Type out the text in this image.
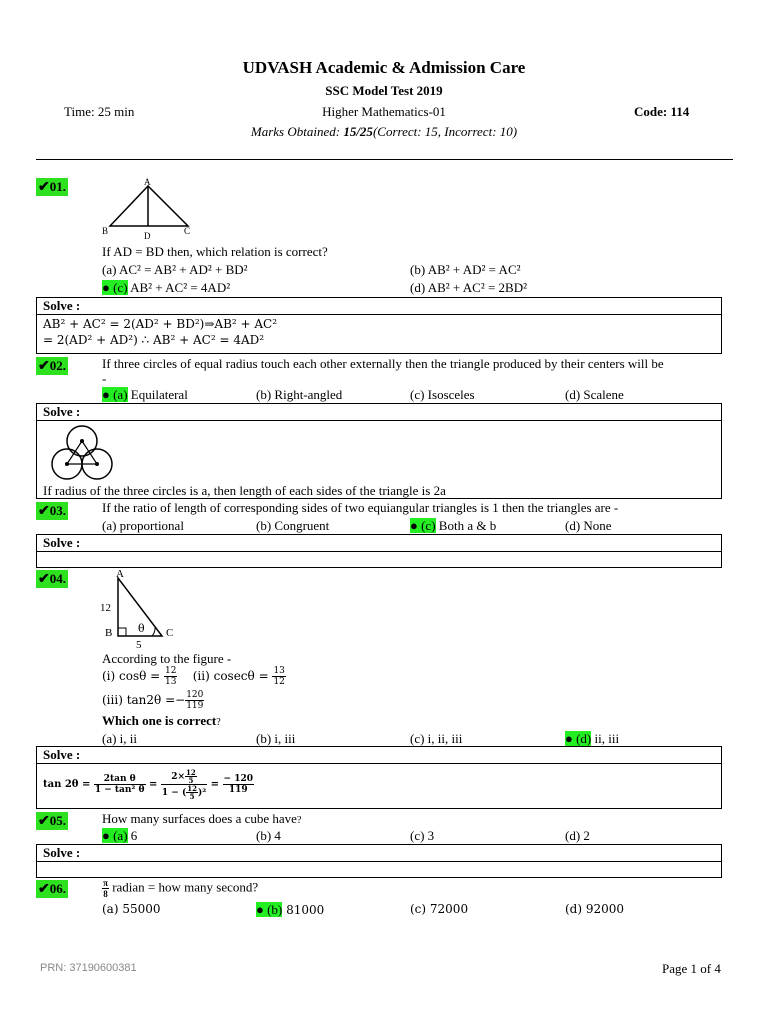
UDVASH Academic & Admission Care
SSC Model Test 2019
Time: 25 min	Higher Mathematics-01	Code: 114
Marks Obtained: 15/25(Correct: 15, Incorrect: 10)
✔01.	A
B	C
D
If AD = BD then, which relation is correct?
(a) AC² = AB² + AD² + BD²	(b) AB² + AD² = AC²
● (c) AB² + AC² = 4AD²	(d) AB² + AC² = 2BD²
Solve :
AB² + AC² = 2(AD² + BD²)⇒AB² + AC²
= 2(AD² + AD²) ∴ AB² + AC² = 4AD²
✔02.	If three circles of equal radius touch each other externally then the triangle produced by their centers will be
-
● (a) Equilateral	(b) Right-angled	(c) Isosceles	(d) Scalene
Solve :
If radius of the three circles is a, then length of each sides of the triangle is 2a
✔03.	If the ratio of length of corresponding sides of two equiangular triangles is 1 then the triangles are -
(a) proportional	(b) Congruent	● (c) Both a & b	(d) None
Solve :
✔04.	A
B	C
12
5
θ
According to the figure -
(i) $\cos\theta = \frac{12}{13} (ii) cosec\theta = \frac{13}{12}$
(iii) $\tan 2\theta =- \frac{120}{119}$
Which one is correct?
(a) i, ii	(b) i, iii	(c) i, ii, iii	● (d) ii, iii
Solve :
$\tan 2\theta = \frac{\text{2tan θ}}{\text{1 − tan² θ}} = \frac{2\times \frac{12}{5}}{1 - ( \frac{12}{5} )^2} = \frac{- 120}{119}$
✔05.	How many surfaces does a cube have?
● (a) 6	(b) 4	(c) 3	(d) 2
Solve :
✔06.	$\frac{\pi}{8}$ radian = how many second?
(a) 55000	● (b) 81000	(c) 72000	(d) 92000
PRN: 37190600381	Page 1 of 4
